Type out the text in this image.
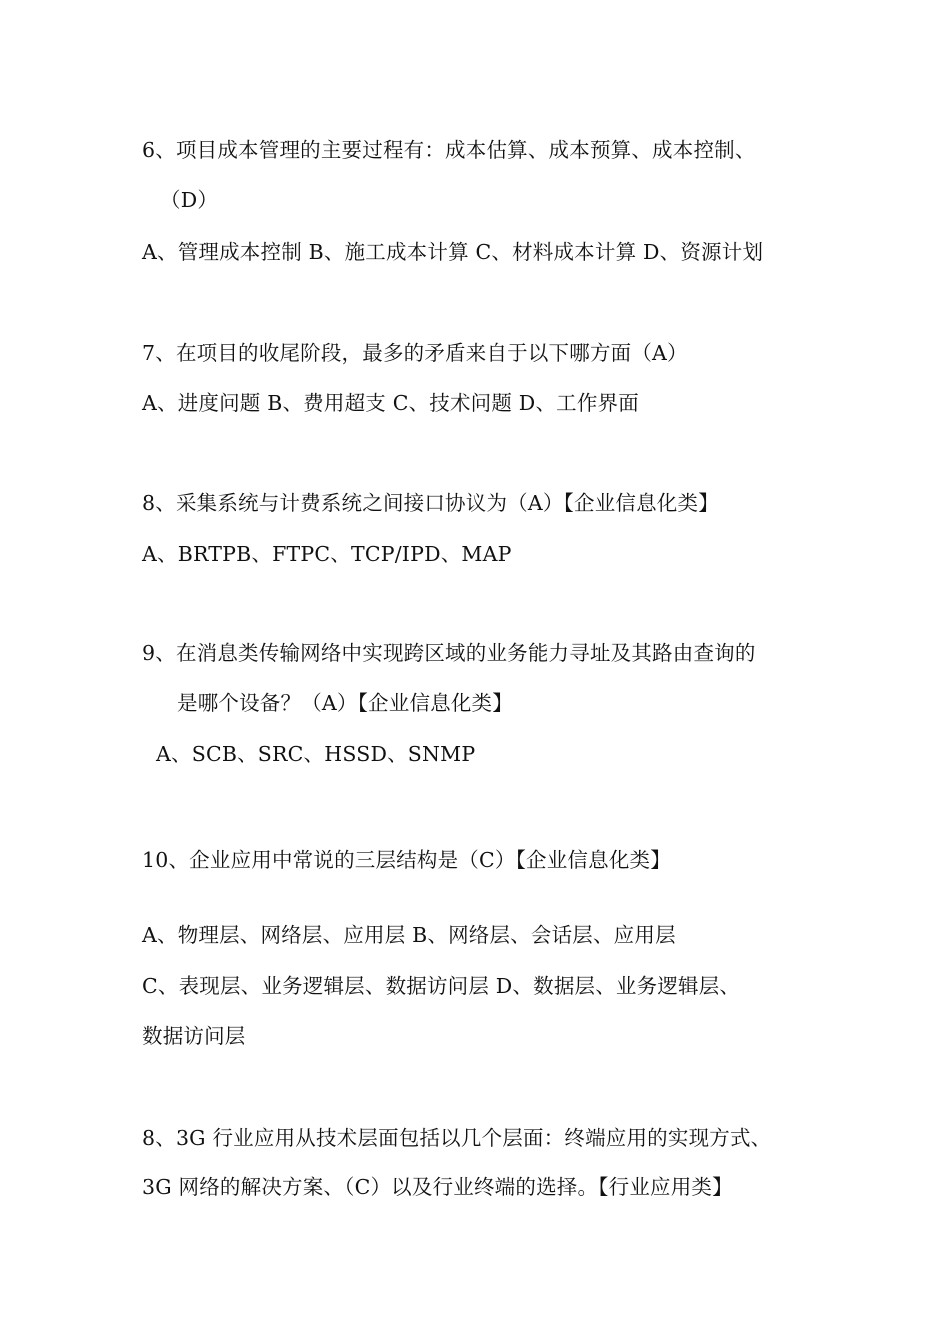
6、项目成本管理的主要过程有：成本估算、成本预算、成本控制、
（D）
A、管理成本控制 B、施工成本计算 C、材料成本计算 D、资源计划
7、在项目的收尾阶段，最多的矛盾来自于以下哪方面（A）
A、进度问题 B、费用超支 C、技术问题 D、工作界面
8、采集系统与计费系统之间接口协议为（A）【企业信息化类】
A、BRTPB、FTPC、TCP/IPD、MAP
9、在消息类传输网络中实现跨区域的业务能力寻址及其路由查询的
是哪个设备？（A）【企业信息化类】
A、SCB、SRC、HSSD、SNMP
10、企业应用中常说的三层结构是（C）【企业信息化类】
A、物理层、网络层、应用层 B、网络层、会话层、应用层
C、表现层、业务逻辑层、数据访问层 D、数据层、业务逻辑层、
数据访问层
8、3G 行业应用从技术层面包括以几个层面：终端应用的实现方式、
3G 网络的解决方案、（C）以及行业终端的选择。【行业应用类】
